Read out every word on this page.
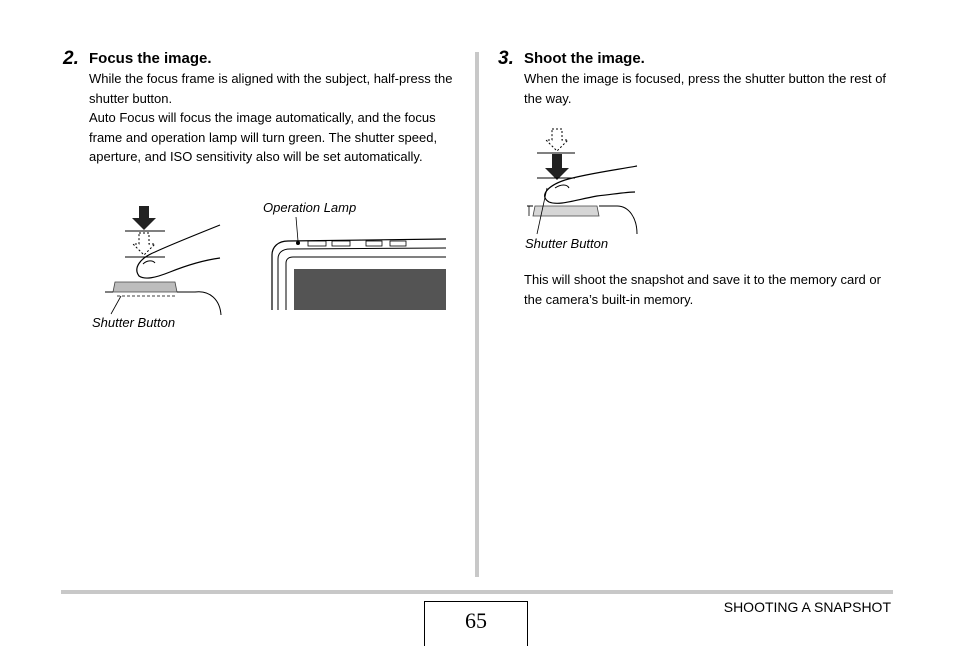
2. Focus the image.
While the focus frame is aligned with the subject, half-press the shutter button.
Auto Focus will focus the image automatically, and the focus frame and operation lamp will turn green. The shutter speed, aperture, and ISO sensitivity also will be set automatically.
Shutter Button
Operation Lamp
3. Shoot the image.
When the image is focused, press the shutter button the rest of the way.
Shutter Button
This will shoot the snapshot and save it to the memory card or the camera’s built-in memory.
65
SHOOTING A SNAPSHOT
